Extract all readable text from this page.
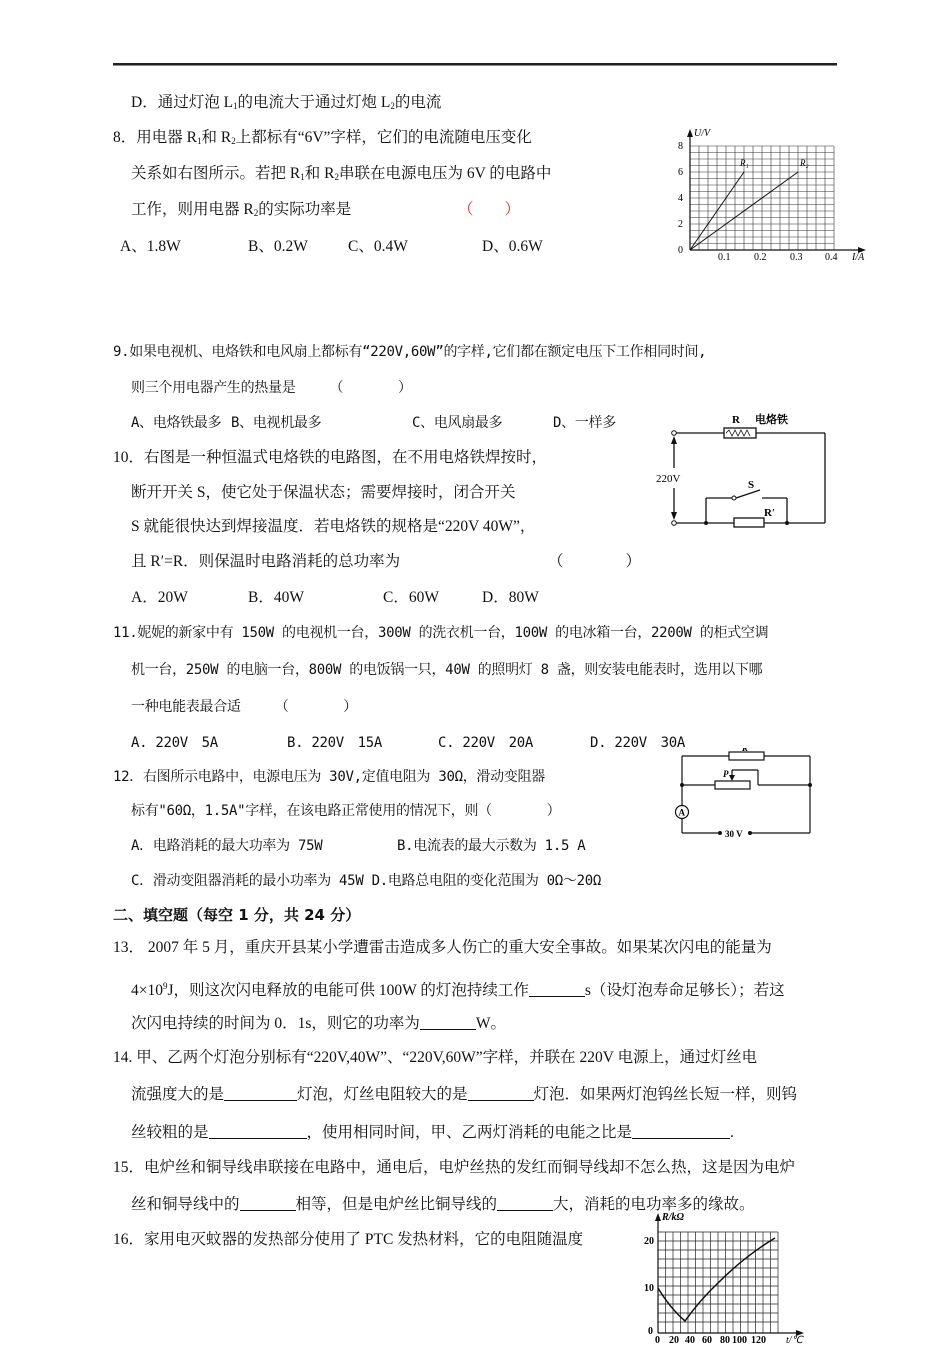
D．通过灯泡 $L_1$的电流大于通过灯炮 $L_2$的电流
8．用电器 $R_1$和 $R_2$上都标有“6V”字样，它们的电流随电压变化
关系如右图所示。若把 $R_1$和 $R_2$串联在电源电压为 6V 的电路中
工作，则用电器 $R_2$的实际功率是	（　　）
A、1.8W	B、0.2W	C、0.4W	D、0.6W
U/V
I/A
8
6
4
2
0
0.1 0.2 0.3 0.4
R₁	R₂
9.如果电视机、电烙铁和电风扇上都标有“220V,60W”的字样,它们都在额定电压下工作相同时间,
则三个用电器产生的热量是　　　（　　　　）
A、电烙铁最多 B、电视机最多	C、电风扇最多	D、一样多
10．右图是一种恒温式电烙铁的电路图，在不用电烙铁焊按时，
断开开关 S，使它处于保温状态；需要焊接时，闭合开关
S 就能很快达到焊接温度．若电烙铁的规格是“220V 40W”，
且 R′=R．则保温时电路消耗的总功率为	（　　　　）
A．20W	B．40W	C．60W	D．80W
R 电烙铁
220V	S
R′
11.妮妮的新家中有 150W 的电视机一台，300W 的洗衣机一台，100W 的电冰箱一台，2200W 的柜式空调
机一台，250W 的电脑一台，800W 的电饭锅一只，40W 的照明灯 8 盏，则安装电能表时，选用以下哪
一种电能表最合适　　　（　　　　）
A. 220V　5A	B. 220V　15A	C. 220V　20A	D. 220V　30A
12．右图所示电路中，电源电压为 30V,定值电阻为 30Ω，滑动变阻器
标有"60Ω，1.5A"字样，在该电路正常使用的情况下，则（　　　　）
A．电路消耗的最大功率为 75W	B.电流表的最大示数为 1.5 A
C．滑动变阻器消耗的最小功率为 45W D.电路总电阻的变化范围为 0Ω～20Ω
A
R
P
30 V
二、填空题（每空 1 分，共 24 分）
13． 2007 年 5 月，重庆开县某小学遭雷击造成多人伤亡的重大安全事故。如果某次闪电的能量为
$4\times 10^9J$，则这次闪电释放的电能可供 100W 的灯泡持续工作	s（设灯泡寿命足够长）；若这
次闪电持续的时间为 0．1s，则它的功率为	W。
14. 甲、乙两个灯泡分别标有“220V,40W”、“220V,60W”字样，并联在 220V 电源上，通过灯丝电
流强度大的是	灯泡，灯丝电阻较大的是	灯泡．如果两灯泡钨丝长短一样，则钨
丝较粗的是	，使用相同时间，甲、乙两灯消耗的电能之比是	.
15．电炉丝和铜导线串联接在电路中，通电后，电炉丝热的发红而铜导线却不怎么热，这是因为电炉
丝和铜导线中的	相等，但是电炉丝比铜导线的	大，消耗的电功率多的缘故。
16．家用电灭蚊器的发热部分使用了 PTC 发热材料，它的电阻随温度
R/kΩ
20
10
0
0 20 40 60 80 100 120 t/℃
